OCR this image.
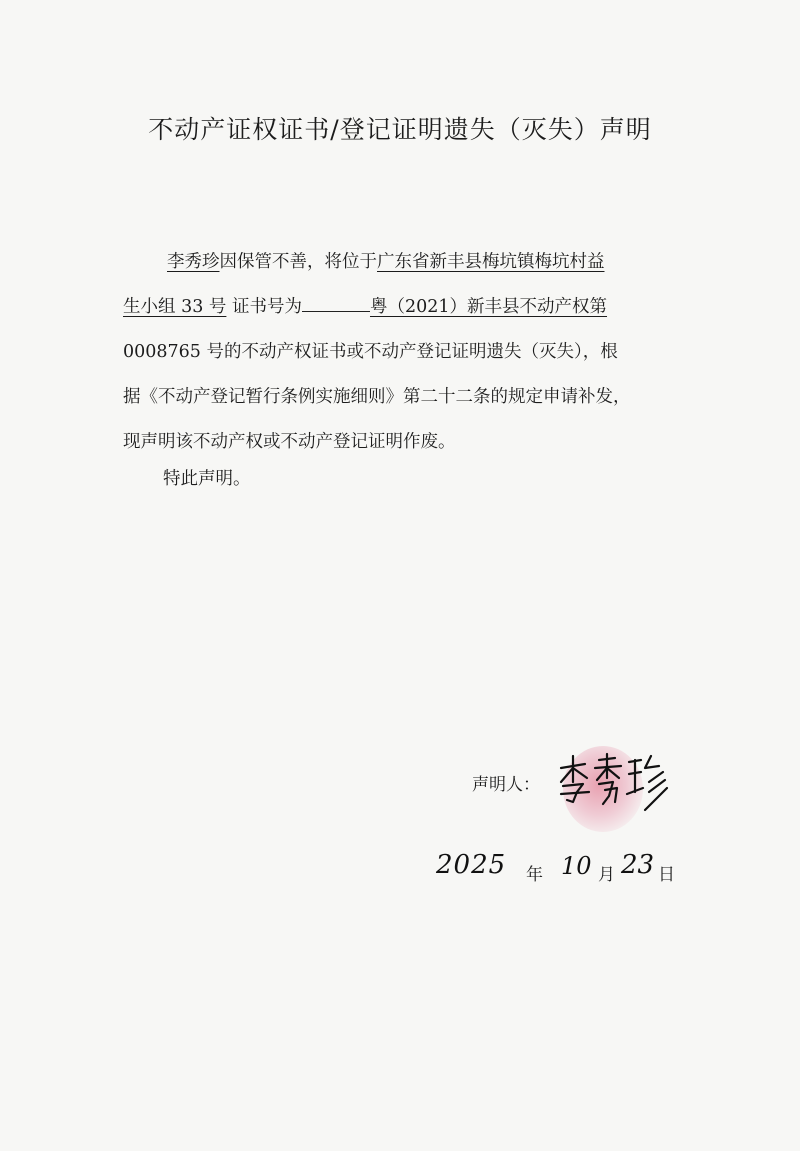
不动产证权证书/登记证明遗失（灭失）声明
李秀珍因保管不善，将位于广东省新丰县梅坑镇梅坑村益
生小组 33 号 证书号为	粤（2021）新丰县不动产权第
0008765 号的不动产权证书或不动产登记证明遗失（灭失），根
据《不动产登记暂行条例实施细则》第二十二条的规定申请补发，
现声明该不动产权或不动产登记证明作废。
特此声明。
声明人：
2025 年 10 月 23 日
